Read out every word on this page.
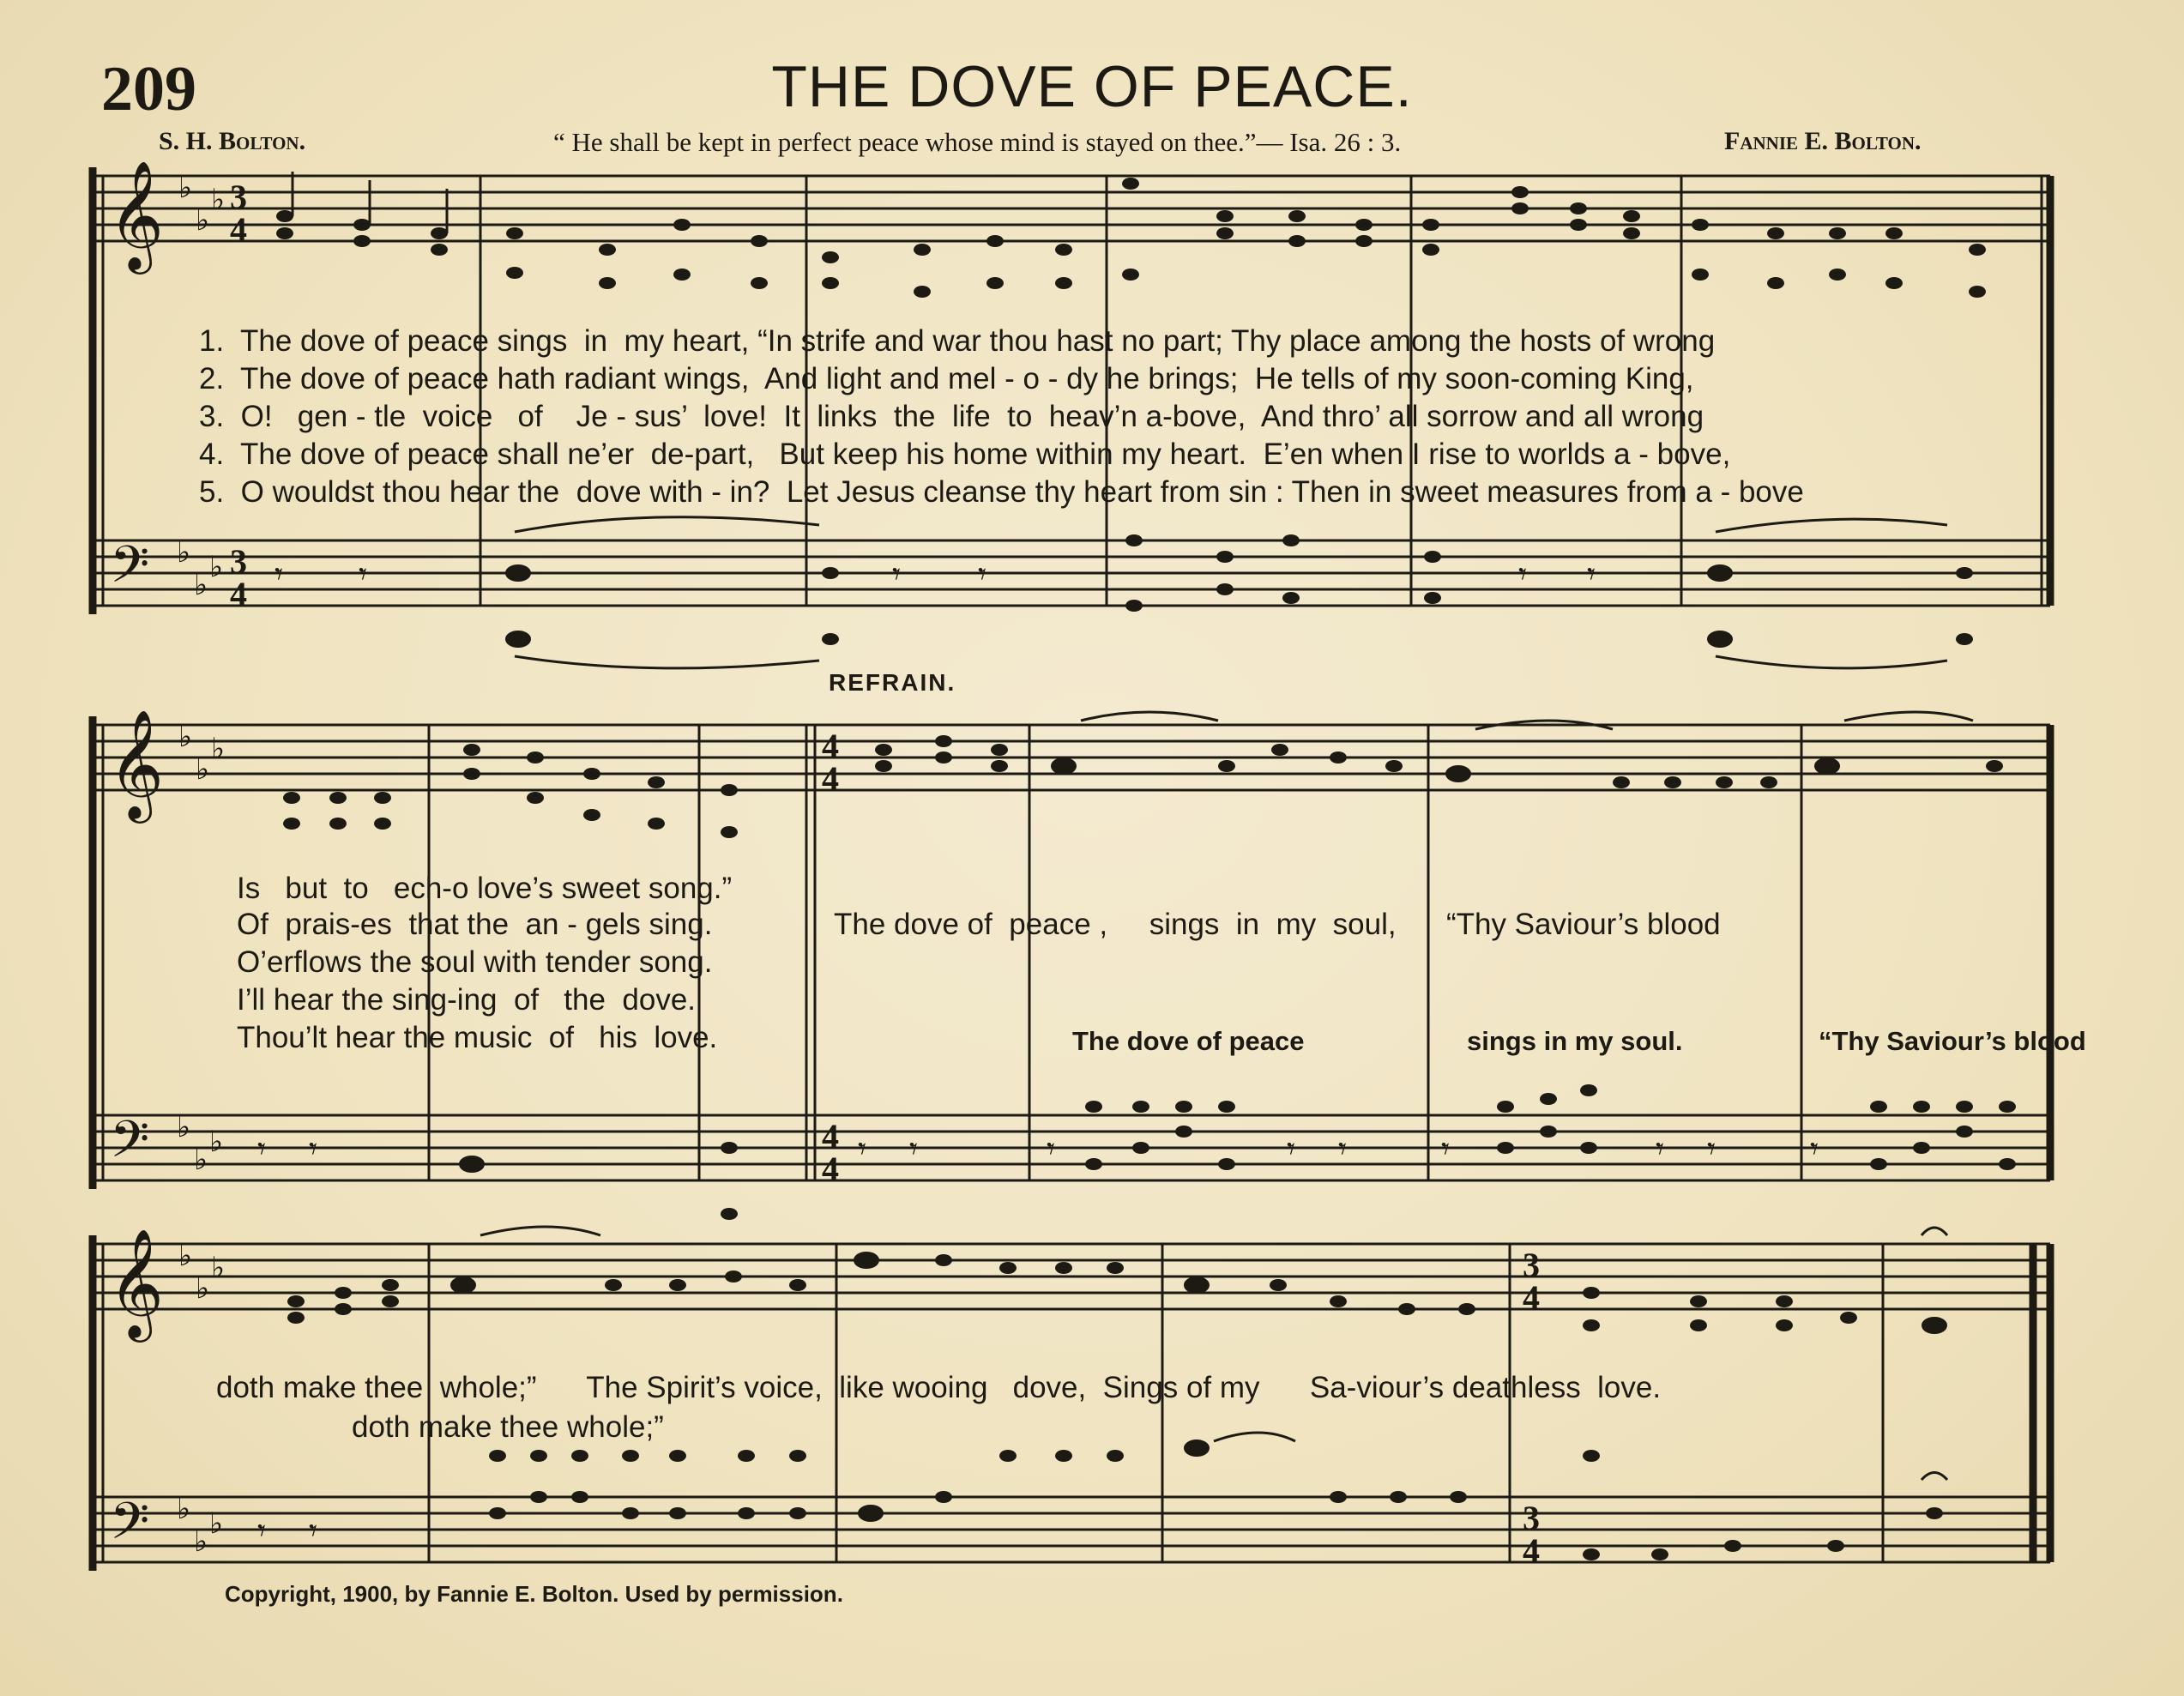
209	THE DOVE OF PEACE.
S. H. Bolton.	“ He shall be kept in perfect peace whose mind is stayed on thee.”— Isa. 26 : 3.	Fannie E. Bolton.
𝄞
𝄢
♭
♭
♭
♭
♭
♭
3
4
3
4
𝄾 𝄾	𝄾 𝄾	𝄾 𝄾
𝄞
𝄢
♭
♭
♭
♭
♭
♭
4
4
4
4
𝄾 𝄾	𝄾 𝄾	𝄾	𝄾 𝄾	𝄾	𝄾 𝄾	𝄾
𝄞
𝄢
♭
♭
♭
♭
♭
♭
3
4
3
4
𝄾 𝄾
1.  The dove of peace sings  in  my heart, “In strife and war thou hast no part; Thy place among the hosts of wrong
2.  The dove of peace hath radiant wings,  And light and mel - o - dy he brings;  He tells of my soon-coming King,
3.  O!   gen - tle  voice   of    Je - sus’  love!  It  links  the  life  to  heav’n a-bove,  And thro’ all sorrow and all wrong
4.  The dove of peace shall ne’er  de-part,   But keep his home within my heart.  E’en when I rise to worlds a - bove,
5.  O wouldst thou hear the  dove with - in?  Let Jesus cleanse thy heart from sin : Then in sweet measures from a - bove
REFRAIN.
Is   but  to   ech-o love’s sweet song.”
Of  prais-es  that the  an - gels sing.
O’erflows the soul with tender song.
I’ll hear the sing-ing  of   the  dove.
Thou’lt hear the music  of   his  love.
The dove of  peace ,     sings  in  my  soul,      “Thy Saviour’s blood
The dove of peace	sings in my soul.	“Thy Saviour’s blood
doth make thee  whole;”      The Spirit’s voice,  like wooing   dove,  Sings of my      Sa-viour’s deathless  love.
doth make thee whole;”
Copyright, 1900, by Fannie E. Bolton. Used by permission.
